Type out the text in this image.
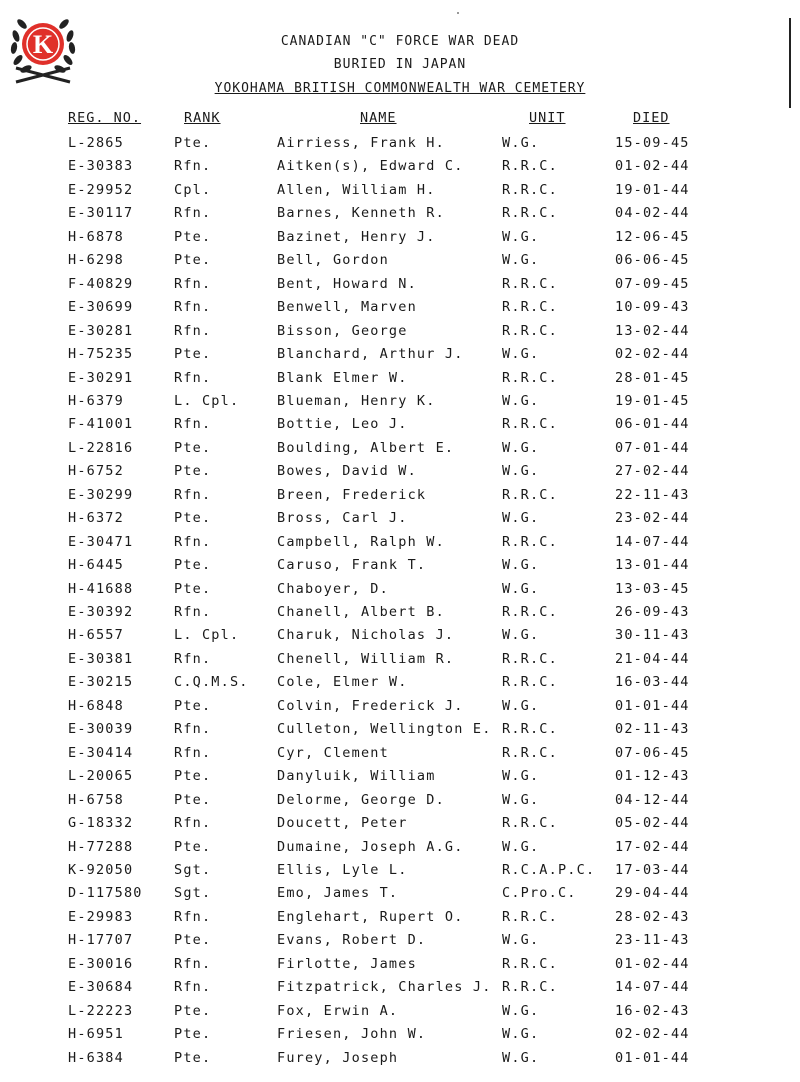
K	CANADIAN "C" FORCE WAR DEAD
BURIED IN JAPAN
YOKOHAMA BRITISH COMMONWEALTH WAR CEMETERY
REG. NO.	RANK	NAME	UNIT	DIED
L-2865	Pte.	Airriess, Frank H.	W.G.	15-09-45
E-30383	Rfn.	Aitken(s), Edward C.	R.R.C.	01-02-44
E-29952	Cpl.	Allen, William H.	R.R.C.	19-01-44
E-30117	Rfn.	Barnes, Kenneth R.	R.R.C.	04-02-44
H-6878	Pte.	Bazinet, Henry J.	W.G.	12-06-45
H-6298	Pte.	Bell, Gordon	W.G.	06-06-45
F-40829	Rfn.	Bent, Howard N.	R.R.C.	07-09-45
E-30699	Rfn.	Benwell, Marven	R.R.C.	10-09-43
E-30281	Rfn.	Bisson, George	R.R.C.	13-02-44
H-75235	Pte.	Blanchard, Arthur J.	W.G.	02-02-44
E-30291	Rfn.	Blank Elmer W.	R.R.C.	28-01-45
H-6379	L. Cpl.	Blueman, Henry K.	W.G.	19-01-45
F-41001	Rfn.	Bottie, Leo J.	R.R.C.	06-01-44
L-22816	Pte.	Boulding, Albert E.	W.G.	07-01-44
H-6752	Pte.	Bowes, David W.	W.G.	27-02-44
E-30299	Rfn.	Breen, Frederick	R.R.C.	22-11-43
H-6372	Pte.	Bross, Carl J.	W.G.	23-02-44
E-30471	Rfn.	Campbell, Ralph W.	R.R.C.	14-07-44
H-6445	Pte.	Caruso, Frank T.	W.G.	13-01-44
H-41688	Pte.	Chaboyer, D.	W.G.	13-03-45
E-30392	Rfn.	Chanell, Albert B.	R.R.C.	26-09-43
H-6557	L. Cpl.	Charuk, Nicholas J.	W.G.	30-11-43
E-30381	Rfn.	Chenell, William R.	R.R.C.	21-04-44
E-30215	C.Q.M.S. Cole, Elmer W.	R.R.C.	16-03-44
H-6848	Pte.	Colvin, Frederick J.	W.G.	01-01-44
E-30039	Rfn.	Culleton, Wellington E. R.R.C.	02-11-43
E-30414	Rfn.	Cyr, Clement	R.R.C.	07-06-45
L-20065	Pte.	Danyluik, William	W.G.	01-12-43
H-6758	Pte.	Delorme, George D.	W.G.	04-12-44
G-18332	Rfn.	Doucett, Peter	R.R.C.	05-02-44
H-77288	Pte.	Dumaine, Joseph A.G.	W.G.	17-02-44
K-92050	Sgt.	Ellis, Lyle L.	R.C.A.P.C. 17-03-44
D-117580 Sgt.	Emo, James T.	C.Pro.C.	29-04-44
E-29983	Rfn.	Englehart, Rupert O.	R.R.C.	28-02-43
H-17707	Pte.	Evans, Robert D.	W.G.	23-11-43
E-30016	Rfn.	Firlotte, James	R.R.C.	01-02-44
E-30684	Rfn.	Fitzpatrick, Charles J. R.R.C.	14-07-44
L-22223	Pte.	Fox, Erwin A.	W.G.	16-02-43
H-6951	Pte.	Friesen, John W.	W.G.	02-02-44
H-6384	Pte.	Furey, Joseph	W.G.	01-01-44
